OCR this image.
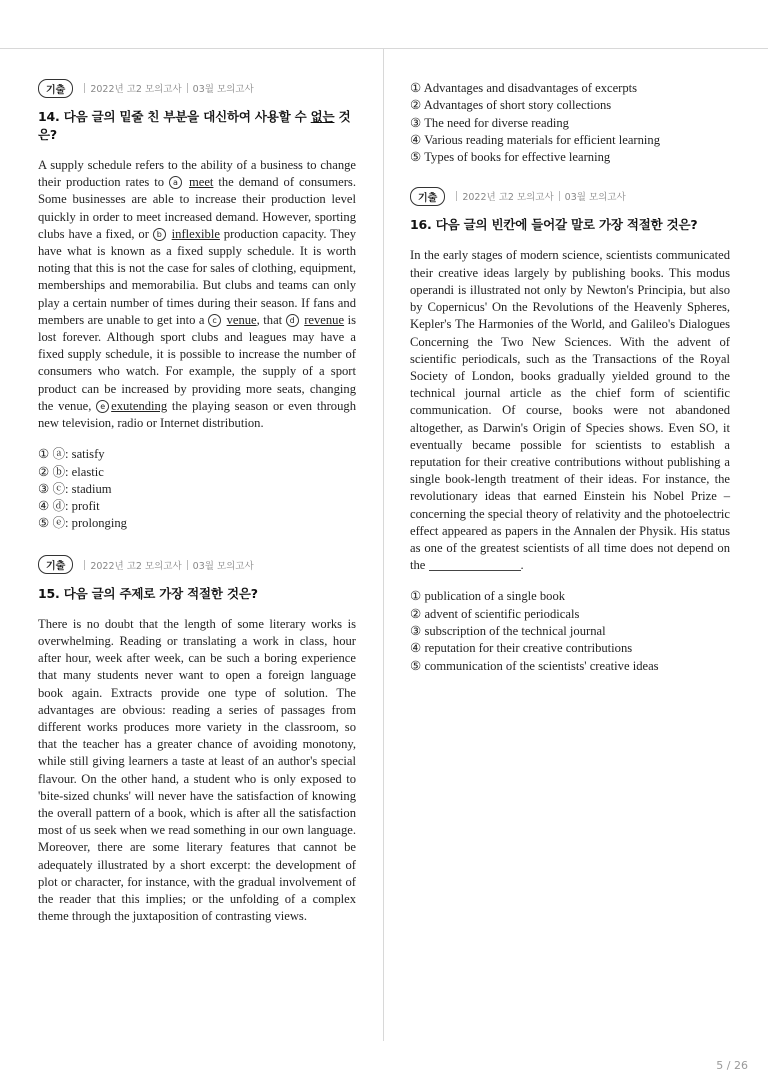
기출	2022년 고2 모의고사 03월 모의고사
14. 다음 글의 밑줄 친 부분을 대신하여 사용할 수 없는 것은?

A supply schedule refers to the ability of a business to change their production rates to a meet the demand of consumers. Some businesses are able to increase their production level quickly in order to meet increased demand. However, sporting clubs have a fixed, or b inflexible production capacity. They have what is known as a fixed supply schedule. It is worth noting that this is not the case for sales of clothing, equipment, memberships and memorabilia. But clubs and teams can only play a certain number of times during their season. If fans and members are unable to get into a c venue, that d revenue is lost forever. Although sport clubs and leagues may have a fixed supply schedule, it is possible to increase the number of consumers who watch. For example, the supply of a sport product can be increased by providing more seats, changing the venue, e exutending the playing season or even through new television, radio or Internet distribution.

① ⓐ: satisfy
② ⓑ: elastic
③ ⓒ: stadium
④ ⓓ: profit
⑤ ⓔ: prolonging
기출	2022년 고2 모의고사 03월 모의고사
15. 다음 글의 주제로 가장 적절한 것은?

There is no doubt that the length of some literary works is overwhelming. Reading or translating a work in class, hour after hour, week after week, can be such a boring experience that many students never want to open a foreign language book again. Extracts provide one type of solution. The advantages are obvious: reading a series of passages from different works produces more variety in the classroom, so that the teacher has a greater chance of avoiding monotony, while still giving learners a taste at least of an author's special flavour. On the other hand, a student who is only exposed to 'bite-sized chunks' will never have the satisfaction of knowing the overall pattern of a book, which is after all the satisfaction most of us seek when we read something in our own language. Moreover, there are some literary features that cannot be adequately illustrated by a short excerpt: the development of plot or character, for instance, with the gradual involvement of the reader that this implies; or the unfolding of a complex theme through the juxtaposition of contrasting views.

① Advantages and disadvantages of excerpts
② Advantages of short story collections
③ The need for diverse reading
④ Various reading materials for efficient learning
⑤ Types of books for effective learning
기출	2022년 고2 모의고사 03월 모의고사
16. 다음 글의 빈칸에 들어갈 말로 가장 적절한 것은?

In the early stages of modern science, scientists communicated their creative ideas largely by publishing books. This modus operandi is illustrated not only by Newton's Principia, but also by Copernicus' On the Revolutions of the Heavenly Spheres, Kepler's The Harmonies of the World, and Galileo's Dialogues Concerning the Two New Sciences. With the advent of scientific periodicals, such as the Transactions of the Royal Society of London, books gradually yielded ground to the technical journal article as the chief form of scientific communication. Of course, books were not abandoned altogether, as Darwin's Origin of Species shows. Even SO, it eventually became possible for scientists to establish a reputation for their creative contributions without publishing a single book-length treatment of their ideas. For instance, the revolutionary ideas that earned Einstein his Nobel Prize – concerning the special theory of relativity and the photoelectric effect appeared as papers in the Annalen der Physik. His status as one of the greatest scientists of all time does not depend on the	.

① publication of a single book
② advent of scientific periodicals
③ subscription of the technical journal
④ reputation for their creative contributions
⑤ communication of the scientists' creative ideas
5 / 26
